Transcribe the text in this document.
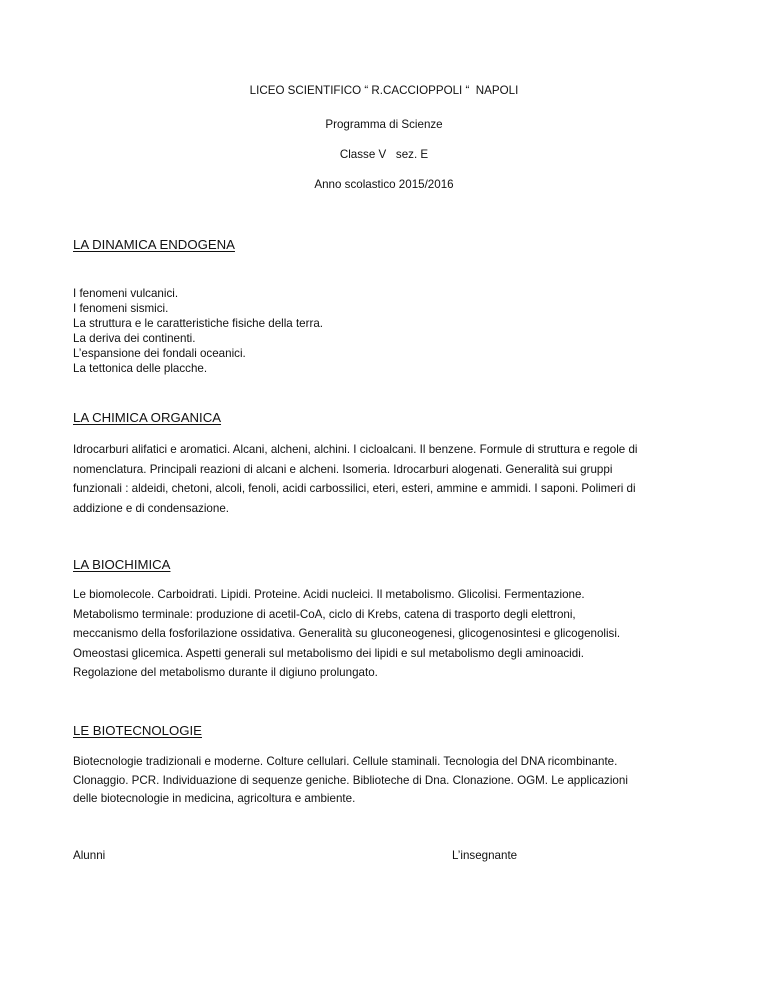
LICEO SCIENTIFICO “ R.CACCIOPPOLI “  NAPOLI
Programma di Scienze
Classe V   sez. E
Anno scolastico 2015/2016
LA DINAMICA ENDOGENA
I fenomeni vulcanici.
I fenomeni sismici.
La struttura e le caratteristiche fisiche della terra.
La deriva dei continenti.
L’espansione dei fondali oceanici.
La tettonica delle placche.
LA CHIMICA ORGANICA

Idrocarburi alifatici e aromatici. Alcani, alcheni, alchini. I cicloalcani. Il benzene. Formule di struttura e regole di
nomenclatura. Principali reazioni di alcani e alcheni. Isomeria. Idrocarburi alogenati. Generalità sui gruppi
funzionali : aldeidi, chetoni, alcoli, fenoli, acidi carbossilici, eteri, esteri, ammine e ammidi. I saponi. Polimeri di
addizione e di condensazione.

LA BIOCHIMICA

Le biomolecole. Carboidrati. Lipidi. Proteine. Acidi nucleici. Il metabolismo. Glicolisi. Fermentazione.
Metabolismo terminale: produzione di acetil-CoA, ciclo di Krebs, catena di trasporto degli elettroni,
meccanismo della fosforilazione ossidativa. Generalità su gluconeogenesi, glicogenosintesi e glicogenolisi.
Omeostasi glicemica. Aspetti generali sul metabolismo dei lipidi e sul metabolismo degli aminoacidi.
Regolazione del metabolismo durante il digiuno prolungato.

LE BIOTECNOLOGIE

Biotecnologie tradizionali e moderne. Colture cellulari. Cellule staminali. Tecnologia del DNA ricombinante.
Clonaggio. PCR. Individuazione di sequenze geniche. Biblioteche di Dna. Clonazione. OGM. Le applicazioni
delle biotecnologie in medicina, agricoltura e ambiente.

Alunni	L’insegnante
